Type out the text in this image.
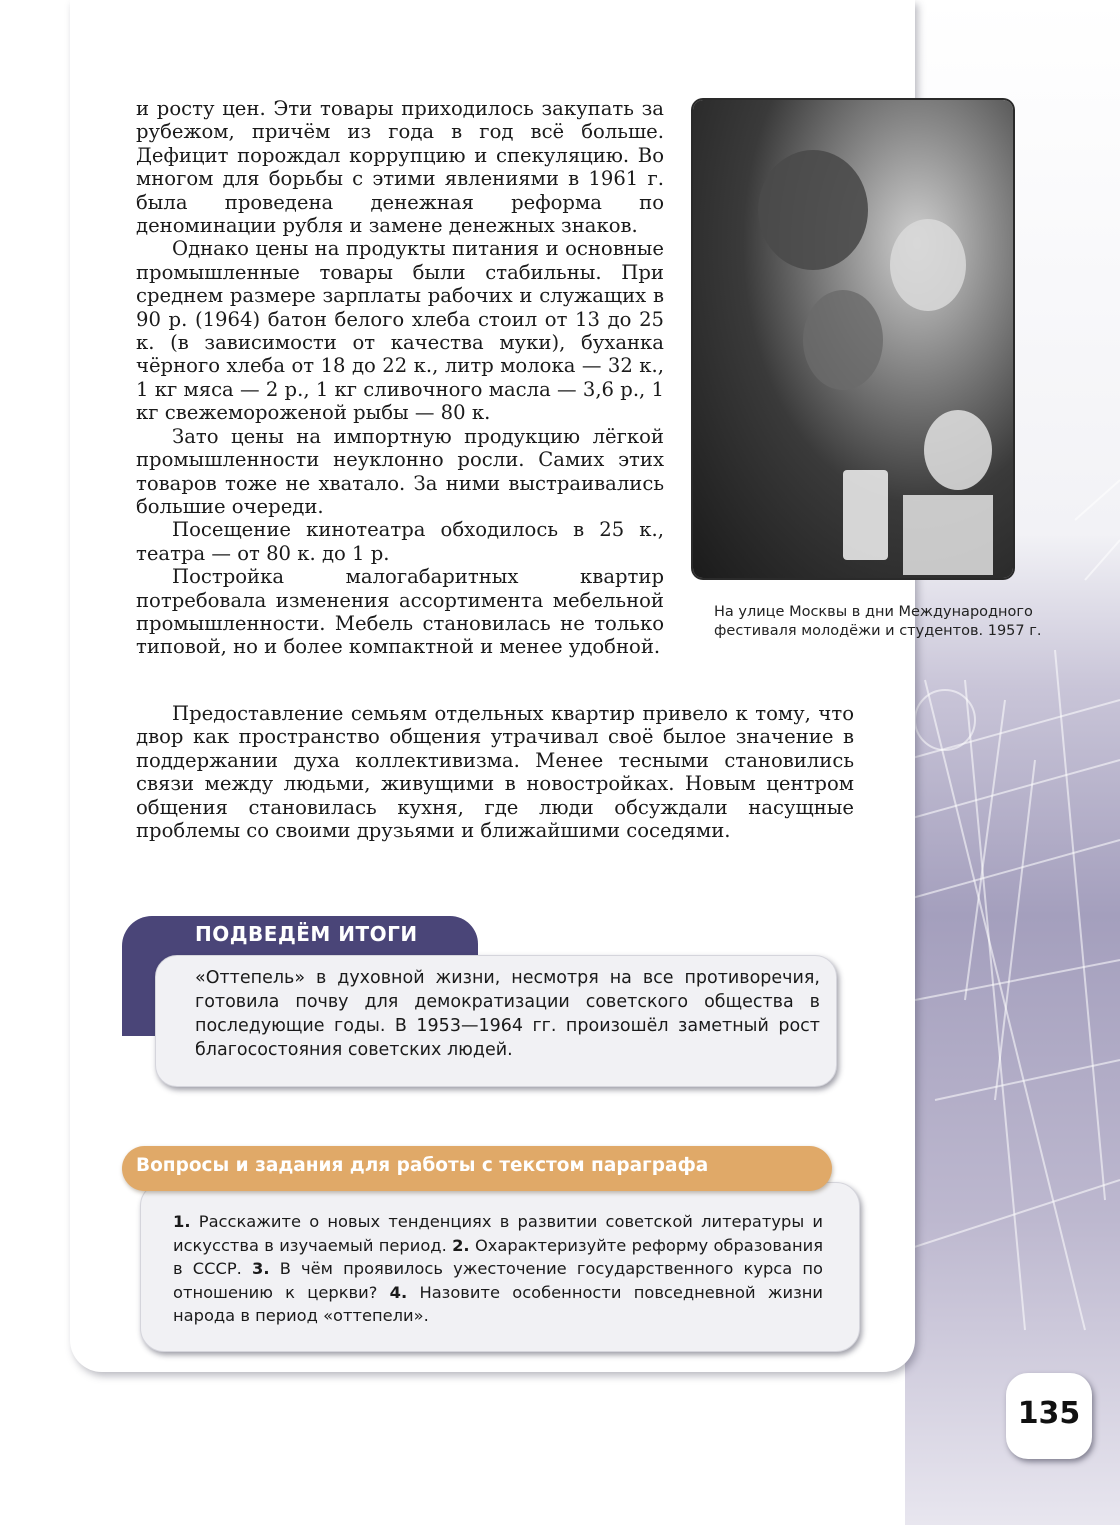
и росту цен. Эти товары приходилось закупать за рубежом, причём из года в год всё больше. Дефицит порождал коррупцию и спекуляцию. Во многом для борьбы с этими явлениями в 1961 г. была проведена денежная реформа по деноминации рубля и замене денежных знаков.

Однако цены на продукты питания и основные промышленные товары были стабильны. При среднем размере зарплаты рабочих и служащих в 90 р. (1964) батон белого хлеба стоил от 13 до 25 к. (в зависимости от качества муки), буханка чёрного хлеба от 18 до 22 к., литр молока — 32 к., 1 кг мяса — 2 р., 1 кг сливочного масла — 3,6 р., 1 кг свежемороженой рыбы — 80 к.

Зато цены на импортную продукцию лёгкой промышленности неуклонно росли. Самих этих товаров тоже не хватало. За ними выстраивались большие очереди.

Посещение кинотеатра обходилось в 25 к., театра — от 80 к. до 1 р.

Постройка малогабаритных квартир потребовала изменения ассортимента мебельной промышленности. Мебель становилась не только типовой, но и более компактной и менее удобной.

На улице Москвы в дни Международного фестиваля молодёжи и студентов. 1957 г.

Предоставление семьям отдельных квартир привело к тому, что двор как пространство общения утрачивал своё былое значение в поддержании духа коллективизма. Менее тесными становились связи между людьми, живущими в новостройках. Новым центром общения становилась кухня, где люди обсуждали насущные проблемы со своими друзьями и ближайшими соседями.

ПОДВЕДЁМ ИТОГИ
«Оттепель» в духовной жизни, несмотря на все противоречия, готовила почву для демократизации советского общества в последующие годы. В 1953—1964 гг. произошёл заметный рост благосостояния советских людей.
Вопросы и задания для работы с текстом параграфа
1. Расскажите о новых тенденциях в развитии советской литературы и искусства в изучаемый период. 2. Охарактеризуйте реформу образования в СССР. 3. В чём проявилось ужесточение государственного курса по отношению к церкви? 4. Назовите особенности повседневной жизни народа в период «оттепели».
135
